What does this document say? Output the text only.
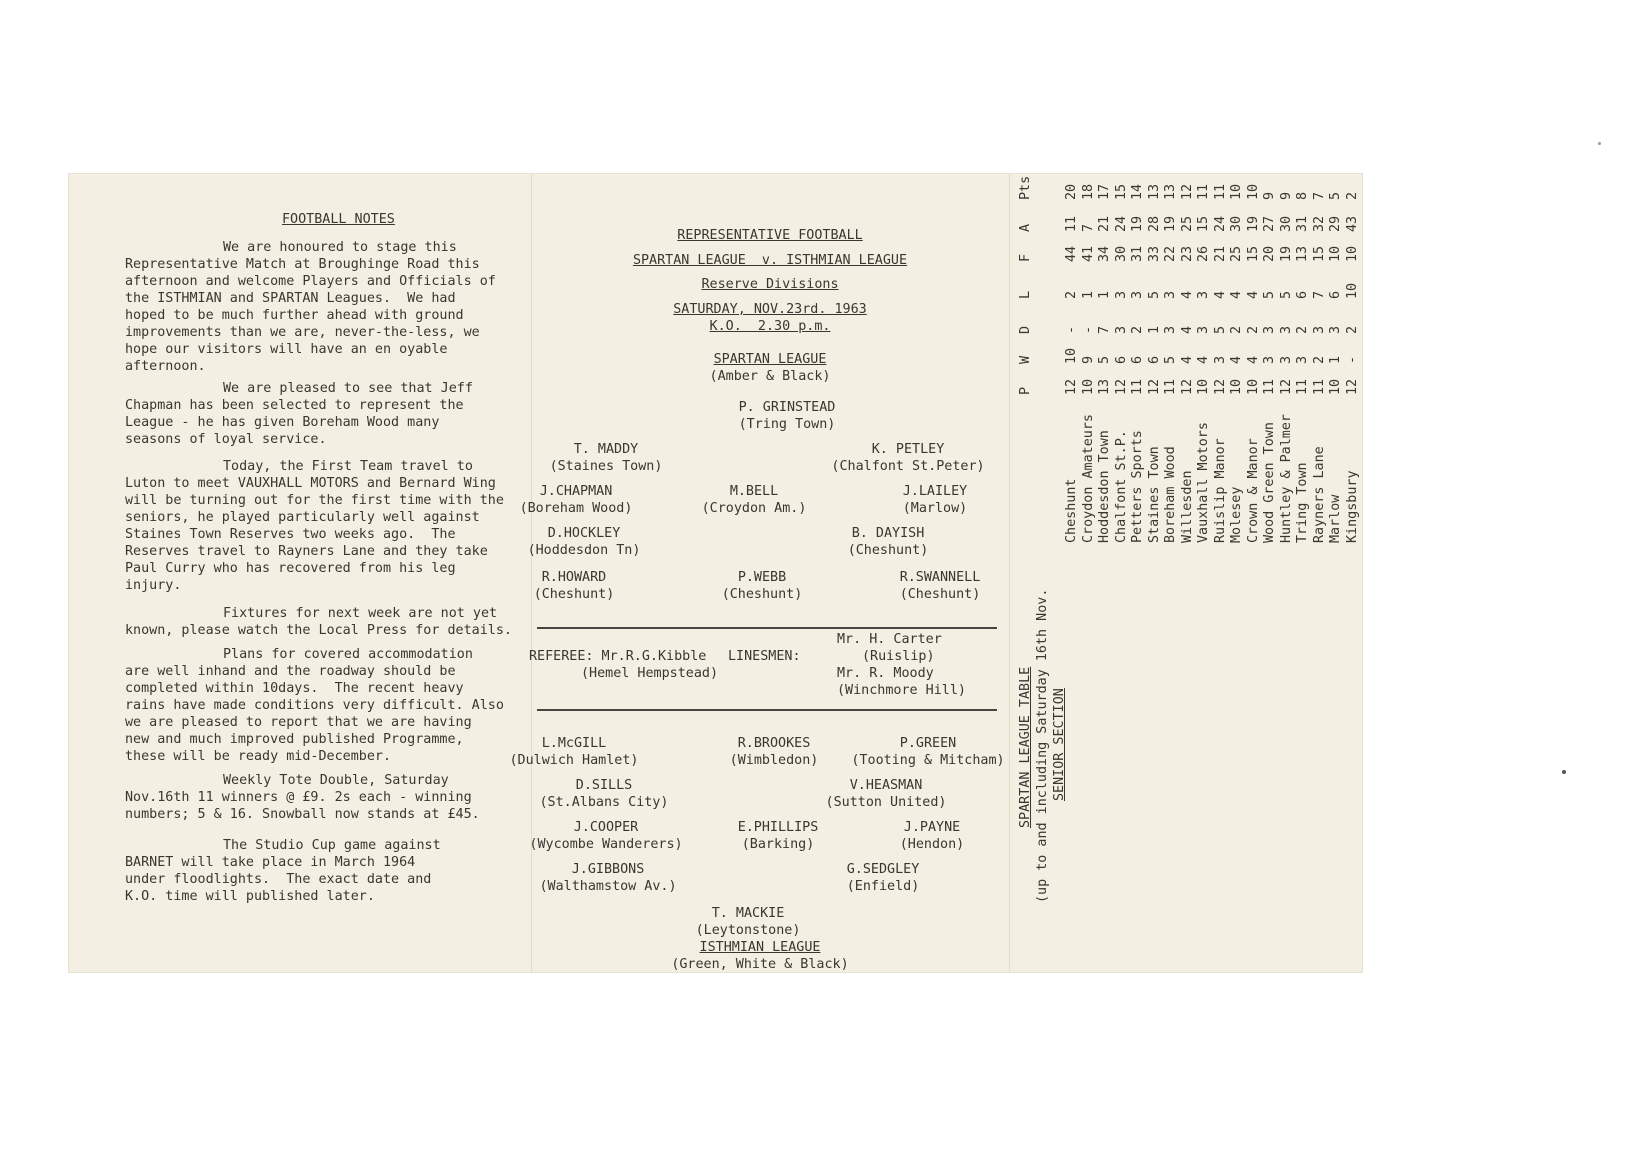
FOOTBALL NOTES
We are honoured to stage this
Representative Match at Broughinge Road this
afternoon and welcome Players and Officials of
the ISTHMIAN and SPARTAN Leagues.  We had
hoped to be much further ahead with ground
improvements than we are, never-the-less, we
hope our visitors will have an en oyable
afternoon.
We are pleased to see that Jeff
Chapman has been selected to represent the
League - he has given Boreham Wood many
seasons of loyal service.
Today, the First Team travel to
Luton to meet VAUXHALL MOTORS and Bernard Wing
will be turning out for the first time with the
seniors, he played particularly well against
Staines Town Reserves two weeks ago.  The
Reserves travel to Rayners Lane and they take
Paul Curry who has recovered from his leg
injury.
Fixtures for next week are not yet
known, please watch the Local Press for details.
Plans for covered accommodation
are well inhand and the roadway should be
completed within 10days.  The recent heavy
rains have made conditions very difficult. Also
we are pleased to report that we are having
new and much improved published Programme,
these will be ready mid-December.
Weekly Tote Double, Saturday
Nov.16th 11 winners @ £9. 2s each - winning
numbers; 5 & 16. Snowball now stands at £45.
The Studio Cup game against
BARNET will take place in March 1964
under floodlights.  The exact date and
K.O. time will published later.
REPRESENTATIVE FOOTBALL
SPARTAN LEAGUE  v. ISTHMIAN LEAGUE
Reserve Divisions
SATURDAY, NOV.23rd. 1963
K.O.  2.30 p.m.
SPARTAN LEAGUE
(Amber & Black)
P. GRINSTEAD
(Tring Town)
T. MADDY
(Staines Town)
K. PETLEY
(Chalfont St.Peter)
J.CHAPMAN
(Boreham Wood)
M.BELL
(Croydon Am.)
J.LAILEY
(Marlow)
D.HOCKLEY
(Hoddesdon Tn)
B. DAYISH
(Cheshunt)
R.HOWARD
(Cheshunt)
P.WEBB
(Cheshunt)
R.SWANNELL
(Cheshunt)
REFEREE: Mr.R.G.Kibble
(Hemel Hempstead)
LINESMEN:
Mr. H. Carter
(Ruislip)
Mr. R. Moody
(Winchmore Hill)
L.McGILL
(Dulwich Hamlet)
R.BROOKES
(Wimbledon)
P.GREEN
(Tooting & Mitcham)
D.SILLS
(St.Albans City)
V.HEASMAN
(Sutton United)
J.COOPER
(Wycombe Wanderers)
E.PHILLIPS
(Barking)
J.PAYNE
(Hendon)
J.GIBBONS
(Walthamstow Av.)
G.SEDGLEY
(Enfield)
T. MACKIE
(Leytonstone)
ISTHMIAN LEAGUE
(Green, White & Black)
SPARTAN LEAGUE TABLE (up to and including Saturday 16th Nov. SENIOR SECTION
P
W
D
L
F
A
Pts
Cheshunt
12
10
-
2
44
11
20
Croydon Amateurs
10
9
-
1
41
7
18
Hoddesdon Town
13
5
7
1
34
21
17
Chalfont St.P.
12
6
3
3
30
24
15
Petters Sports
11
6
2
3
31
19
14
Staines Town
12
6
1
5
33
28
13
Boreham Wood
11
5
3
3
22
19
13
Willesden
12
4
4
4
23
25
12
Vauxhall Motors
10
4
3
3
26
15
11
Ruislip Manor
12
3
5
4
21
24
11
Molesey
10
4
2
4
25
30
10
Crown & Manor
10
4
2
4
15
19
10
Wood Green Town
11
3
3
5
20
27
9
Huntley & Palmer
12
3
3
5
19
30
9
Tring Town
11
3
2
6
13
31
8
Rayners Lane
11
2
3
7
15
32
7
Marlow
10
1
3
6
10
29
5
Kingsbury
12
-
2
10
10
43
2
